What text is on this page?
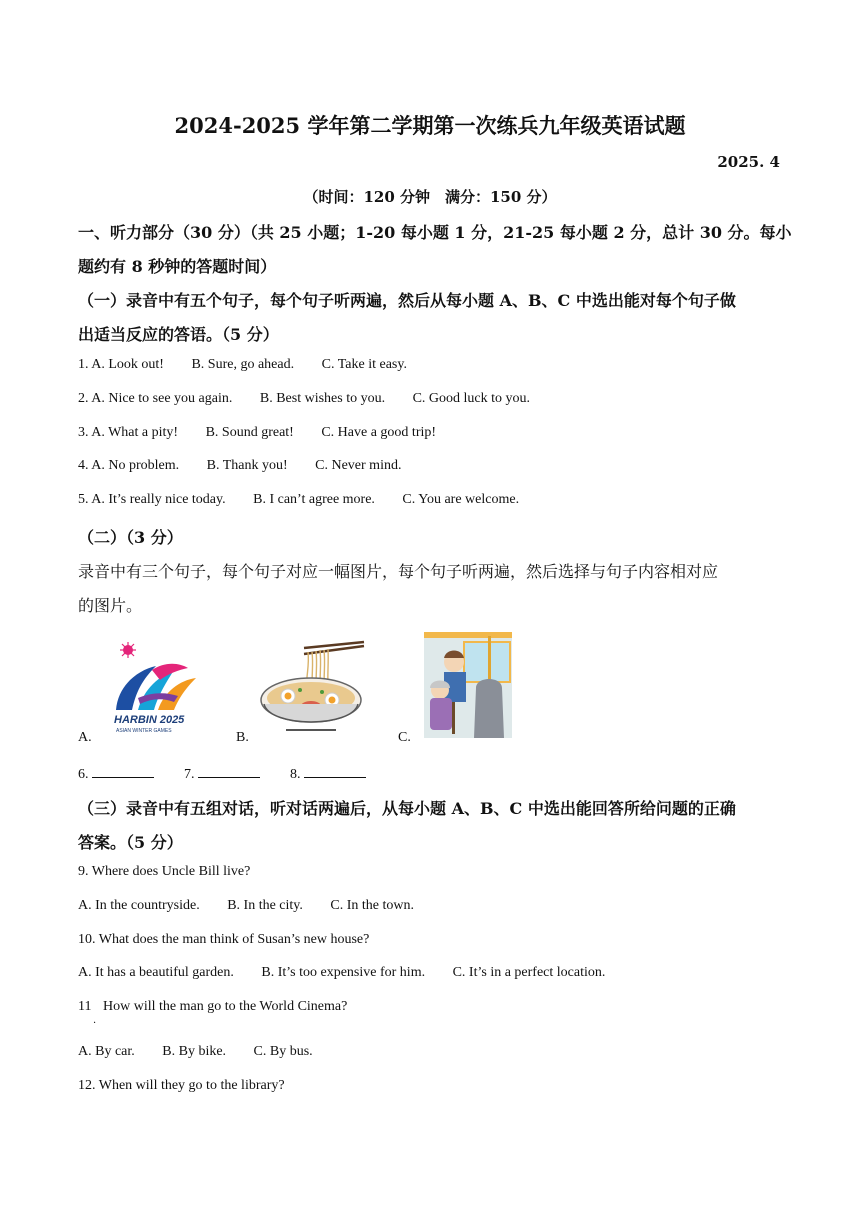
2024-2025 学年第二学期第一次练兵九年级英语试题
2025. 4
（时间：120 分钟　满分：150 分）
一、听力部分（30 分）（共 25 小题；1-20 每小题 1 分，21-25 每小题 2 分，总计 30 分。每小
题约有 8 秒钟的答题时间）
（一）录音中有五个句子，每个句子听两遍，然后从每小题 A、B、C 中选出能对每个句子做
出适当反应的答语。（5 分）
1. A. Look out! B. Sure, go ahead. C. Take it easy.
2. A. Nice to see you again. B. Best wishes to you. C. Good luck to you.
3. A. What a pity! B. Sound great! C. Have a good trip!
4. A. No problem. B. Thank you! C. Never mind.
5. A. It’s really nice today. B. I can’t agree more. C. You are welcome.
（二）（3 分）
录音中有三个句子，每个句子对应一幅图片，每个句子听两遍，然后选择与句子内容相对应
的图片。
A.
HARBIN 2025
ASIAN WINTER GAMES	B.	C.
6.	7.	8.
（三）录音中有五组对话，听对话两遍后，从每小题 A、B、C 中选出能回答所给问题的正确
答案。（5 分）
9. Where does Uncle Bill live?
A. In the countryside. B. In the city. C. In the town.
10. What does the man think of Susan’s new house?
A. It has a beautiful garden. B. It’s too expensive for him. C. It’s in a perfect location.
11 How will the man go to the World Cinema?
·
A. By car. B. By bike. C. By bus.
12. When will they go to the library?
